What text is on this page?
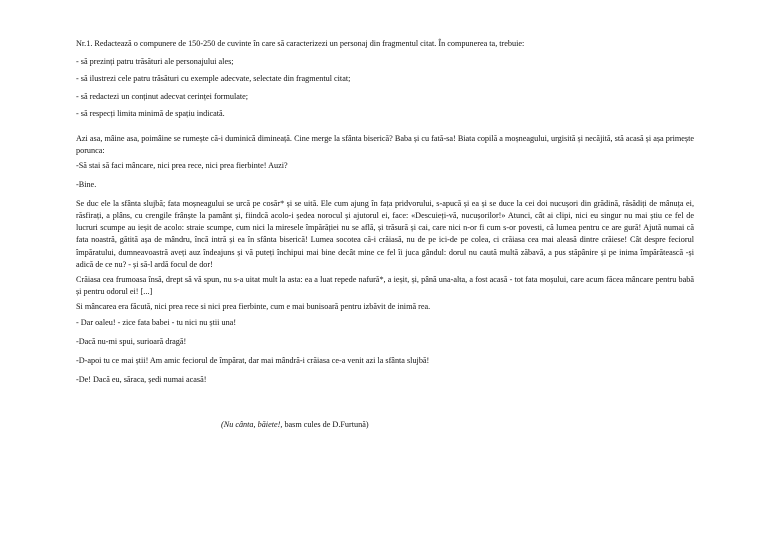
Nr.1. Redactează o compunere de 150-250 de cuvinte în care să caracterizezi un personaj din fragmentul citat. În compunerea ta, trebuie:

- să prezinți patru trăsături ale personajului ales;

- să ilustrezi cele patru trăsături cu exemple adecvate, selectate din fragmentul citat;

- să redactezi un conținut adecvat cerinței formulate;

- să respecți limita minimă de spațiu indicată.

Azi asa, mâine asa, poimâine se rumește că-i duminică dimineață. Cine merge la sfânta biserică? Baba și cu fată-sa! Biata copilă a moșneagului, urgisită și necăjită, stă acasă și așa primește porunca:

-Să stai să faci mâncare, nici prea rece, nici prea fierbinte! Auzi?

-Bine.

Se duc ele la sfânta slujbă; fata moșneagului se urcă pe cosăr* și se uită. Ele cum ajung în fața pridvorului, s-apucă și ea și se duce la cei doi nucușori din grădină, răsădiți de mânuța ei, răsfirați, a plâns, cu crengile frânște la pamânt și, fiindcă acolo-i ședea norocul și ajutorul ei, face: «Descuieți-vă, nucușorilor!» Atunci, cât ai clipi, nici eu singur nu mai știu ce fel de lucruri scumpe au ieșit de acolo: straie scumpe, cum nici la miresele împărăției nu se află, și trăsură și cai, care nici n-or fi cum s-or povesti, că lumea pentru ce are gură! Ajută numai că fata noastră, gătită așa de mândru, încă intră și ea în sfânta biserică! Lumea socotea că-i crăiasă, nu de pe ici-de pe colea, ci crăiasa cea mai aleasă dintre crăiese! Cât despre feciorul împăratului, dumneavoastră aveți auz îndeajuns și vă puteți închipui mai bine decât mine ce fel îi juca gândul: dorul nu caută multă zăbavă, a pus stăpânire și pe inima împărătească -și adică de ce nu? - și să-l ardă focul de dor!

Crăiasa cea frumoasa însă, drept să vă spun, nu s-a uitat mult la asta: ea a luat repede nafură*, a ieșit, și, până una-alta, a fost acasă - tot fata moșului, care acum făcea mâncare pentru babă și pentru odorul ei! [...]

Si mâncarea era făcută, nici prea rece si nici prea fierbinte, cum e mai bunisoară pentru izbăvit de inimă rea.

- Dar oaleu! - zice fata babei - tu nici nu știi una!

-Dacă nu-mi spui, surioară dragă!

-D-apoi tu ce mai știi! Am amic feciorul de împărat, dar mai mândră-i crăiasa ce-a venit azi la sfânta slujbă!

-De! Dacă eu, săraca, ședi numai acasă!

(Nu cânta, băiete!, basm cules de D.Furtună)
